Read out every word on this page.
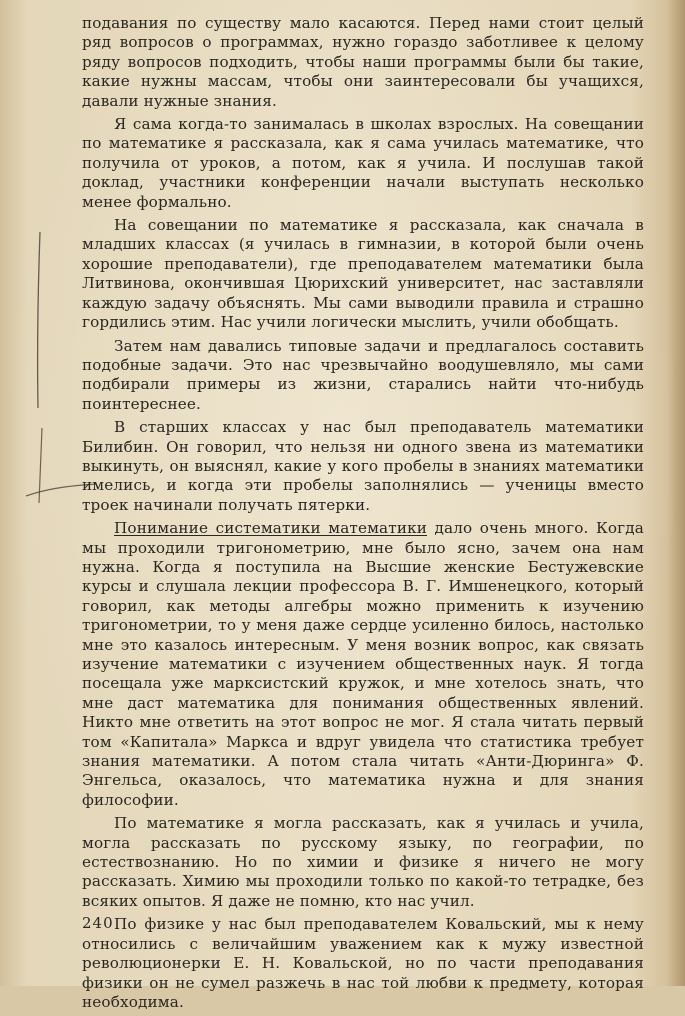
подавания по существу мало касаются. Перед нами стоит целый ряд вопросов о программах, нужно гораздо заботливее к целому ряду вопросов подходить, чтобы наши программы были бы такие, какие нужны массам, чтобы они заинтересовали бы учащихся, давали нужные знания.

Я сама когда-то занималась в школах взрослых. На совещании по математике я рассказала, как я сама училась математике, что получила от уроков, а потом, как я учила. И послушав такой доклад, участники конференции начали выступать несколько менее формально.

На совещании по математике я рассказала, как сначала в младших классах (я училась в гимназии, в которой были очень хорошие преподаватели), где преподавателем математики была Литвинова, окончившая Цюрихский университет, нас заставляли каждую задачу объяснять. Мы сами выводили правила и страшно гордились этим. Нас учили логически мыслить, учили обобщать.

Затем нам давались типовые задачи и предлагалось составить подобные задачи. Это нас чрезвычайно воодушевляло, мы сами подбирали примеры из жизни, старались найти что-нибудь поинтереснее.

В старших классах у нас был преподаватель математики Билибин. Он говорил, что нельзя ни одного звена из математики выкинуть, он выяснял, какие у кого пробелы в знаниях математики имелись, и когда эти пробелы заполнялись — ученицы вместо троек начинали получать пятерки.

Понимание систематики математики дало очень много. Когда мы проходили тригонометрию, мне было ясно, зачем она нам нужна. Когда я поступила на Высшие женские Бестужевские курсы и слушала лекции профессора В. Г. Имшенецкого, который говорил, как методы алгебры можно применить к изучению тригонометрии, то у меня даже сердце усиленно билось, настолько мне это казалось интересным. У меня возник вопрос, как связать изучение математики с изучением общественных наук. Я тогда посещала уже марксистский кружок, и мне хотелось знать, что мне даст математика для понимания общественных явлений. Никто мне ответить на этот вопрос не мог. Я стала читать первый том «Капитала» Маркса и вдруг увидела что статистика требует знания математики. А потом стала читать «Анти-Дюринга» Ф. Энгельса, оказалось, что математика нужна и для знания философии.

По математике я могла рассказать, как я училась и учила, могла рассказать по русскому языку, по географии, по естествознанию. Но по химии и физике я ничего не могу рассказать. Химию мы проходили только по какой-то тетрадке, без всяких опытов. Я даже не помню, кто нас учил.

По физике у нас был преподавателем Ковальский, мы к нему относились с величайшим уважением как к мужу известной революционерки Е. Н. Ковальской, но по части преподавания физики он не сумел разжечь в нас той любви к предмету, которая необходима.

240
